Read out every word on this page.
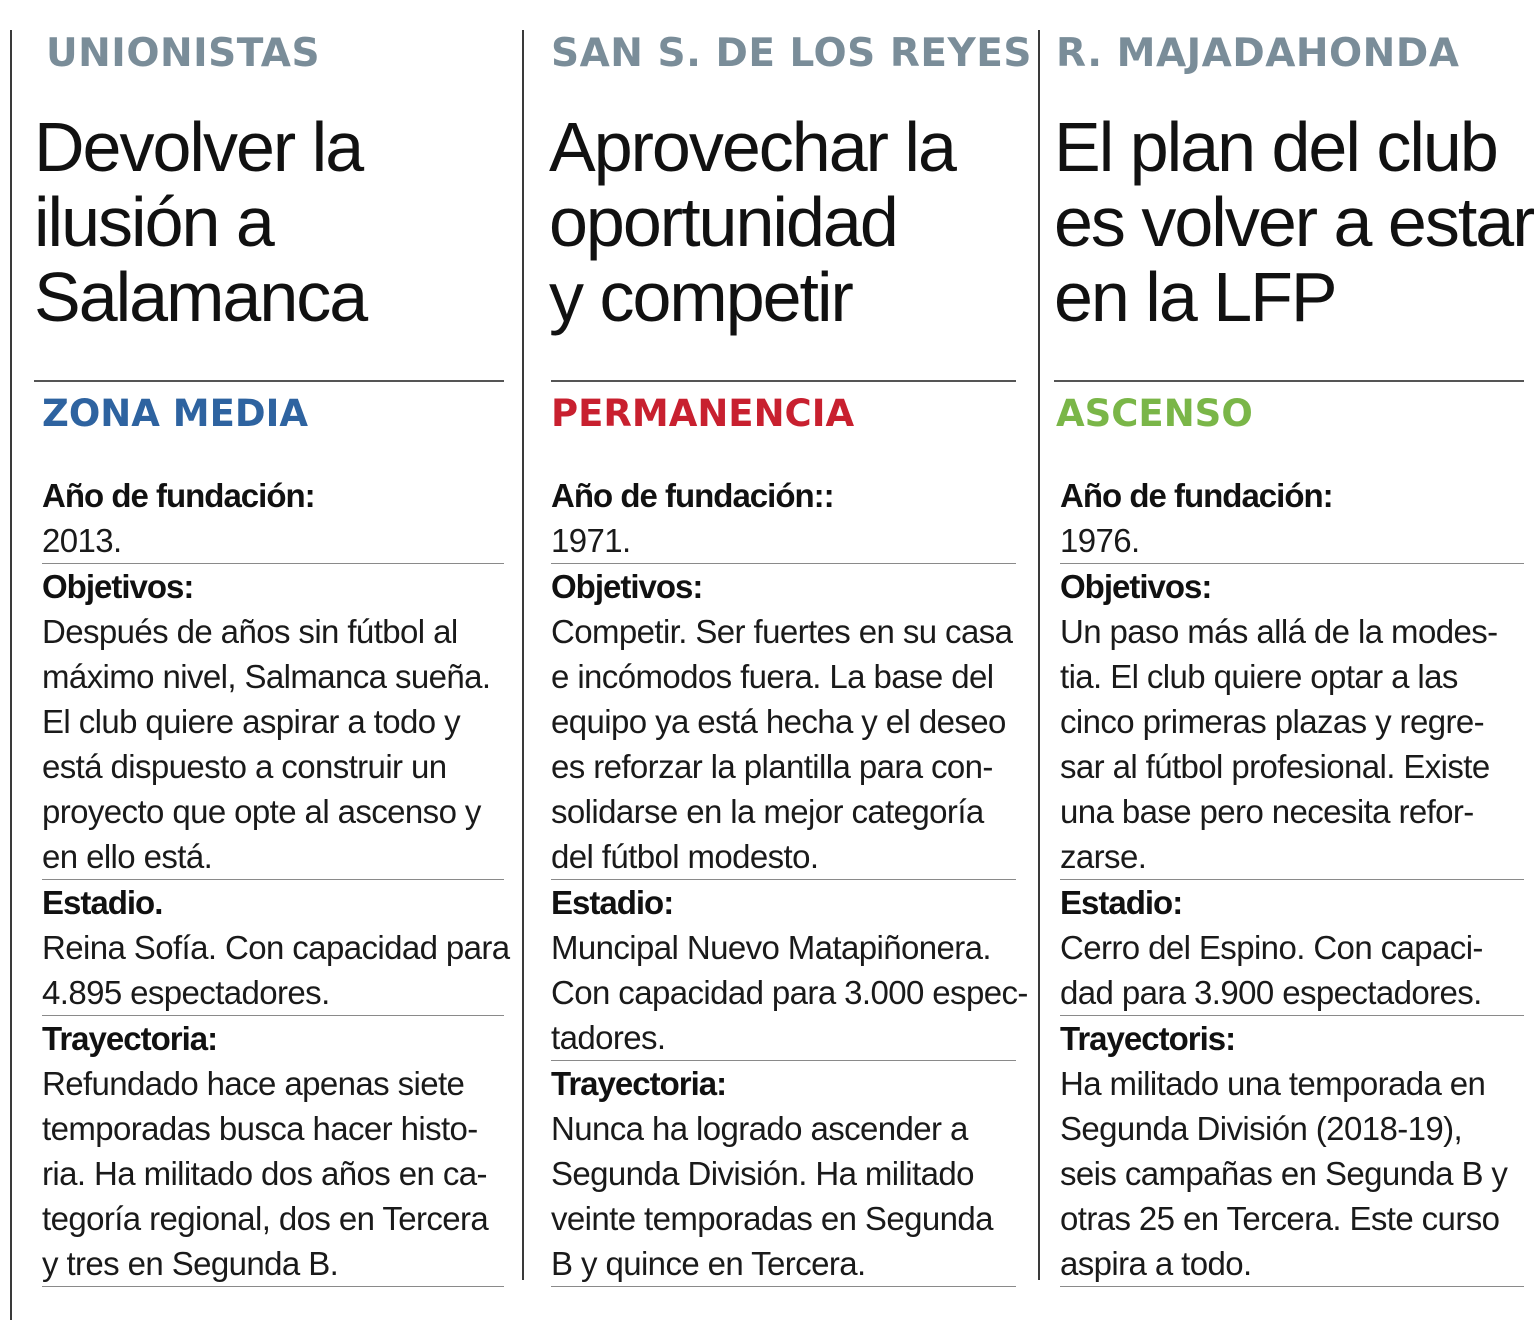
UNIONISTAS
Devolver la
ilusión a
Salamanca
ZONA MEDIA
Año de fundación:
2013.
Objetivos:
Después de años sin fútbol al
máximo nivel, Salmanca sueña.
El club quiere aspirar a todo y
está dispuesto a construir un
proyecto que opte al ascenso y
en ello está.
Estadio.
Reina Sofía. Con capacidad para
4.895 espectadores.
Trayectoria:
Refundado hace apenas siete
temporadas busca hacer histo-
ria. Ha militado dos años en ca-
tegoría regional, dos en Tercera
y tres en Segunda B.
SAN S. DE LOS REYES
Aprovechar la
oportunidad
y competir
PERMANENCIA
Año de fundación::
1971.
Objetivos:
Competir. Ser fuertes en su casa
e incómodos fuera. La base del
equipo ya está hecha y el deseo
es reforzar la plantilla para con-
solidarse en la mejor categoría
del fútbol modesto.
Estadio:
Muncipal Nuevo Matapiñonera.
Con capacidad para 3.000 espec-
tadores.
Trayectoria:
Nunca ha logrado ascender a
Segunda División. Ha militado
veinte temporadas en Segunda
B y quince en Tercera.
R. MAJADAHONDA
El plan del club
es volver a estar
en la LFP
ASCENSO
Año de fundación:
1976.
Objetivos:
Un paso más allá de la modes-
tia. El club quiere optar a las
cinco primeras plazas y regre-
sar al fútbol profesional. Existe
una base pero necesita refor-
zarse.
Estadio:
Cerro del Espino. Con capaci-
dad para 3.900 espectadores.
Trayectoris:
Ha militado una temporada en
Segunda División (2018-19),
seis campañas en Segunda B y
otras 25 en Tercera. Este curso
aspira a todo.
